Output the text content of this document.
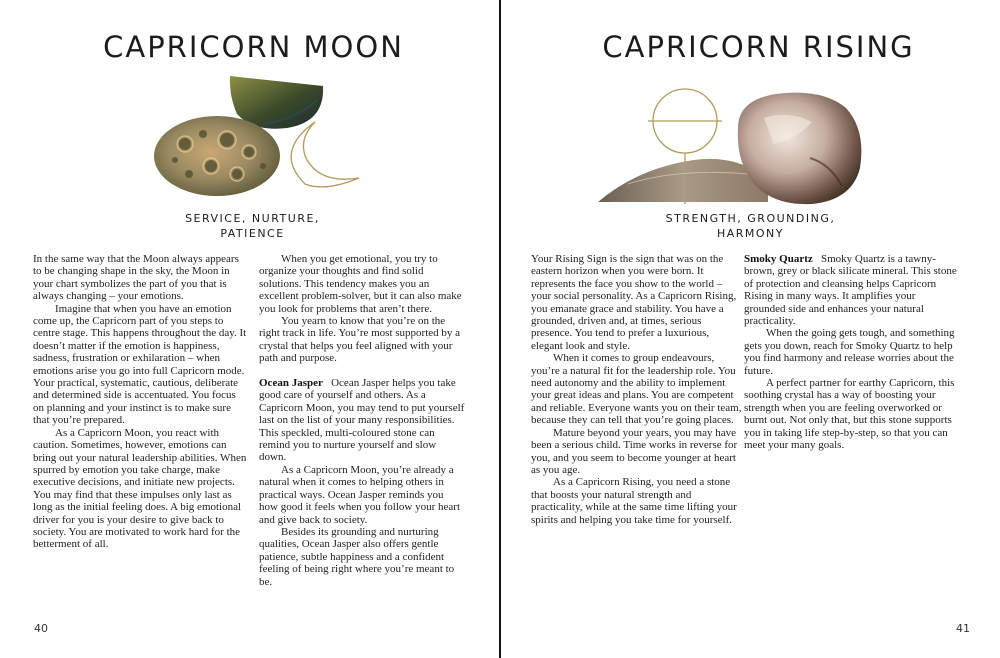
CAPRICORN MOON
SERVICE, NURTURE,
PATIENCE

In the same way that the Moon always appears to be changing shape in the sky, the Moon in your chart symbolizes the part of you that is always changing – your emotions.

Imagine that when you have an emotion come up, the Capricorn part of you steps to centre stage. This happens throughout the day. It doesn’t matter if the emotion is happiness, sadness, frustration or exhilaration – when emotions arise you go into full Capricorn mode. Your practical, systematic, cautious, deliberate and determined side is accentuated. You focus on planning and your instinct is to make sure that you’re prepared.

As a Capricorn Moon, you react with caution. Sometimes, however, emotions can bring out your natural leadership abilities. When spurred by emotion you take charge, make executive decisions, and initiate new projects. You may find that these impulses only last as long as the initial feeling does. A big emotional driver for you is your desire to give back to society. You are motivated to work hard for the betterment of all.

When you get emotional, you try to organize your thoughts and find solid solutions. This tendency makes you an excellent problem-solver, but it can also make you look for problems that aren’t there.

You yearn to know that you’re on the right track in life. You’re most supported by a crystal that helps you feel aligned with your path and purpose.

Ocean Jasper Ocean Jasper helps you take good care of yourself and others. As a Capricorn Moon, you may tend to put yourself last on the list of your many responsibilities. This speckled, multi-coloured stone can remind you to nurture yourself and slow down.

As a Capricorn Moon, you’re already a natural when it comes to helping others in practical ways. Ocean Jasper reminds you how good it feels when you follow your heart and give back to society.

Besides its grounding and nurturing qualities, Ocean Jasper also offers gentle patience, subtle happiness and a confident feeling of being right where you’re meant to be.

40
CAPRICORN RISING
STRENGTH, GROUNDING,
HARMONY

Your Rising Sign is the sign that was on the eastern horizon when you were born. It represents the face you show to the world – your social personality. As a Capricorn Rising, you emanate grace and stability. You have a grounded, driven and, at times, serious presence. You tend to prefer a luxurious, elegant look and style.

When it comes to group endeavours, you’re a natural fit for the leadership role. You need autonomy and the ability to implement your great ideas and plans. You are competent and reliable. Everyone wants you on their team, because they can tell that you’re going places.

Mature beyond your years, you may have been a serious child. Time works in reverse for you, and you seem to become younger at heart as you age.

As a Capricorn Rising, you need a stone that boosts your natural strength and practicality, while at the same time lifting your spirits and helping you take time for yourself.

Smoky Quartz Smoky Quartz is a tawny-brown, grey or black silicate mineral. This stone of protection and cleansing helps Capricorn Rising in many ways. It amplifies your grounded side and enhances your natural practicality.

When the going gets tough, and something gets you down, reach for Smoky Quartz to help you find harmony and release worries about the future.

A perfect partner for earthy Capricorn, this soothing crystal has a way of boosting your strength when you are feeling overworked or burnt out. Not only that, but this stone supports you in taking life step-by-step, so that you can meet your many goals.

41
